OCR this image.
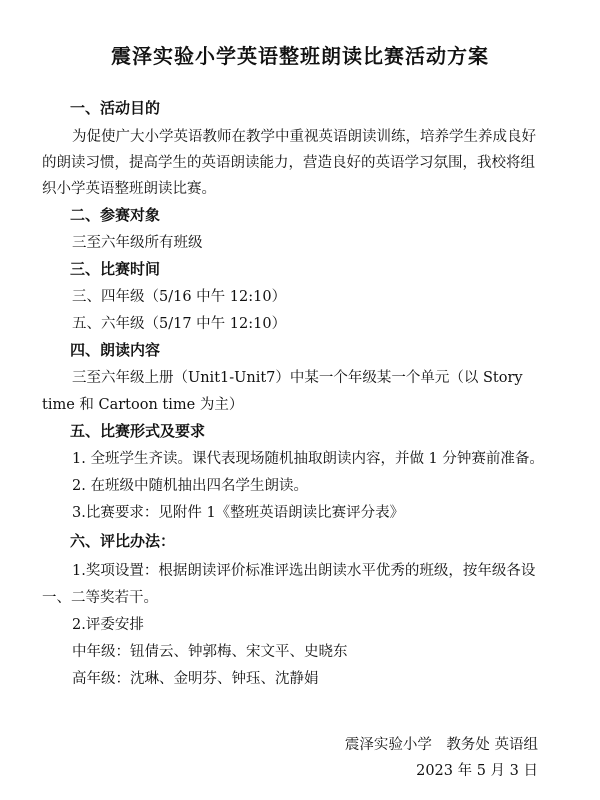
震泽实验小学英语整班朗读比赛活动方案
一、活动目的
为促使广大小学英语教师在教学中重视英语朗读训练，培养学生养成良好
的朗读习惯，提高学生的英语朗读能力，营造良好的英语学习氛围，我校将组
织小学英语整班朗读比赛。
二、参赛对象
三至六年级所有班级
三、比赛时间
三、四年级（5/16 中午 12:10）
五、六年级（5/17 中午 12:10）
四、朗读内容
三至六年级上册（Unit1-Unit7）中某一个年级某一个单元（以 Story
time 和 Cartoon time 为主）
五、比赛形式及要求
1. 全班学生齐读。课代表现场随机抽取朗读内容，并做 1 分钟赛前准备。
2. 在班级中随机抽出四名学生朗读。
3.比赛要求：见附件 1《整班英语朗读比赛评分表》
六、评比办法：
1.奖项设置：根据朗读评价标准评选出朗读水平优秀的班级，按年级各设
一、二等奖若干。
2.评委安排
中年级：钮倩云、钟郭梅、宋文平、史晓东
高年级：沈琳、金明芬、钟珏、沈静娟
震泽实验小学　教务处 英语组
2023 年 5 月 3 日
